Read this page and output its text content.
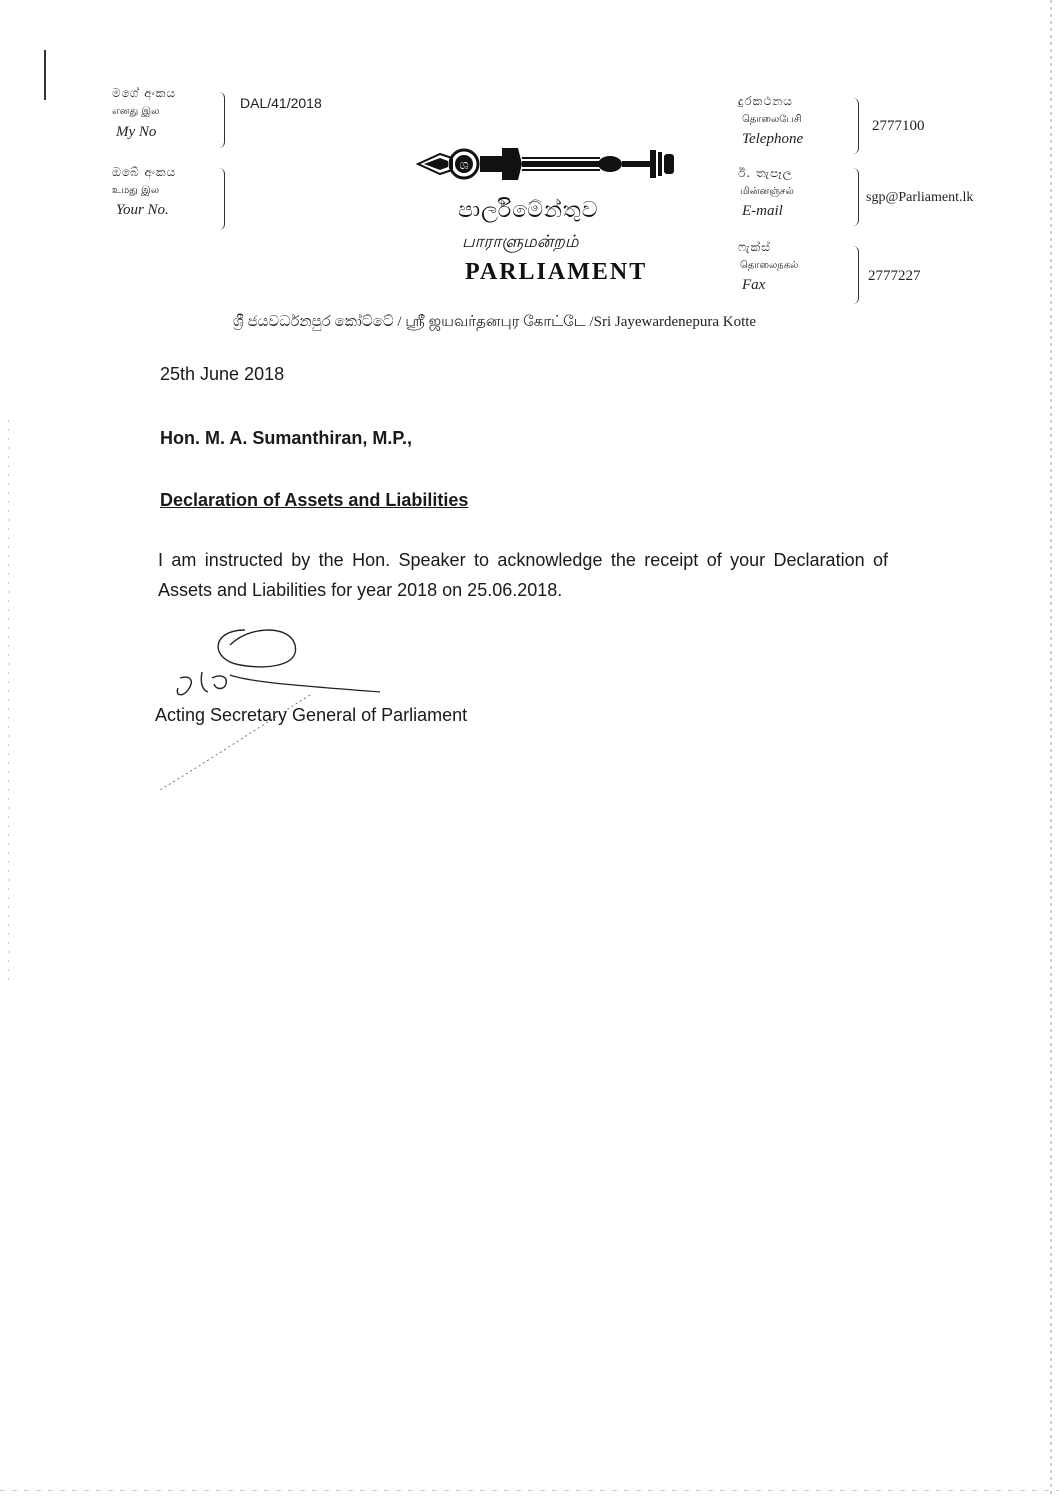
මගේ අංකය
எனது இல
My No
DAL/41/2018
ඔබේ අංකය
உமது இல
Your No.
ශ
පාර්ලිමේන්තුව
பாராளுமன்றம்
PARLIAMENT
දුරකථනය
தொலைபேசி
Telephone
2777100
ඊ. තැපෑල
மின்னஞ்சல்
E-mail
sgp@Parliament.lk
ෆැක්ස්
தொலைநகல்
Fax
2777227
ශ්‍රී ජයවර්ධනපුර කෝට්ටේ / ஸ்ரீ ஜயவர்தனபுர கோட்டே /Sri Jayewardenepura Kotte
25th June 2018
Hon. M. A. Sumanthiran, M.P.,
Declaration of Assets and Liabilities
I am instructed by the Hon. Speaker to acknowledge the receipt of your Declaration of Assets and Liabilities for year 2018 on 25.06.2018.
Acting Secretary General of Parliament
